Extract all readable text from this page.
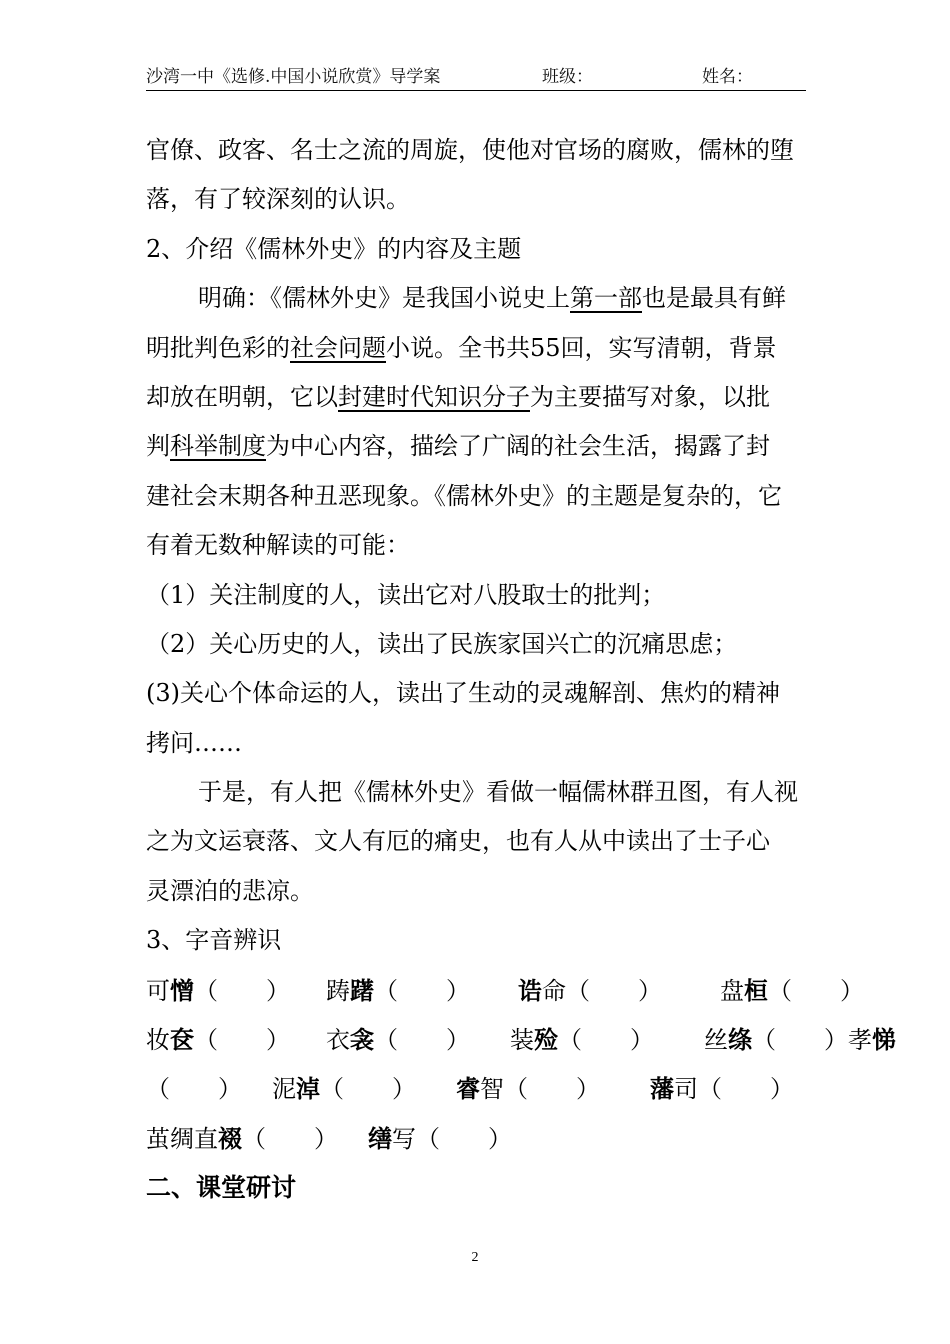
沙湾一中《选修.中国小说欣赏》导学案	班级：	姓名：
官僚、政客、名士之流的周旋，使他对官场的腐败，儒林的堕
落，有了较深刻的认识。
2、介绍《儒林外史》的内容及主题
明确：《儒林外史》是我国小说史上第一部也是最具有鲜
明批判色彩的社会问题小说。全书共55回，实写清朝，背景
却放在明朝，它以封建时代知识分子为主要描写对象，以批
判科举制度为中心内容，描绘了广阔的社会生活，揭露了封
建社会末期各种丑恶现象。《儒林外史》的主题是复杂的，它
有着无数种解读的可能：
（1）关注制度的人，读出它对八股取士的批判；
（2）关心历史的人，读出了民族家国兴亡的沉痛思虑；
(3)关心个体命运的人，读出了生动的灵魂解剖、焦灼的精神
拷问……
于是，有人把《儒林外史》看做一幅儒林群丑图，有人视
之为文运衰落、文人有厄的痛史，也有人从中读出了士子心
灵漂泊的悲凉。
3、字音辨识
可憎（　　） 踌躇（　　） 诰命（　　） 盘桓（　　）
妆奁（　　） 衣衾（　　） 装殓（　　） 丝绦（　　）孝悌
（　　） 泥淖（　　） 睿智（　　） 藩司（　　）
茧绸直裰（　　） 缮写（　　）
二、课堂研讨
2
